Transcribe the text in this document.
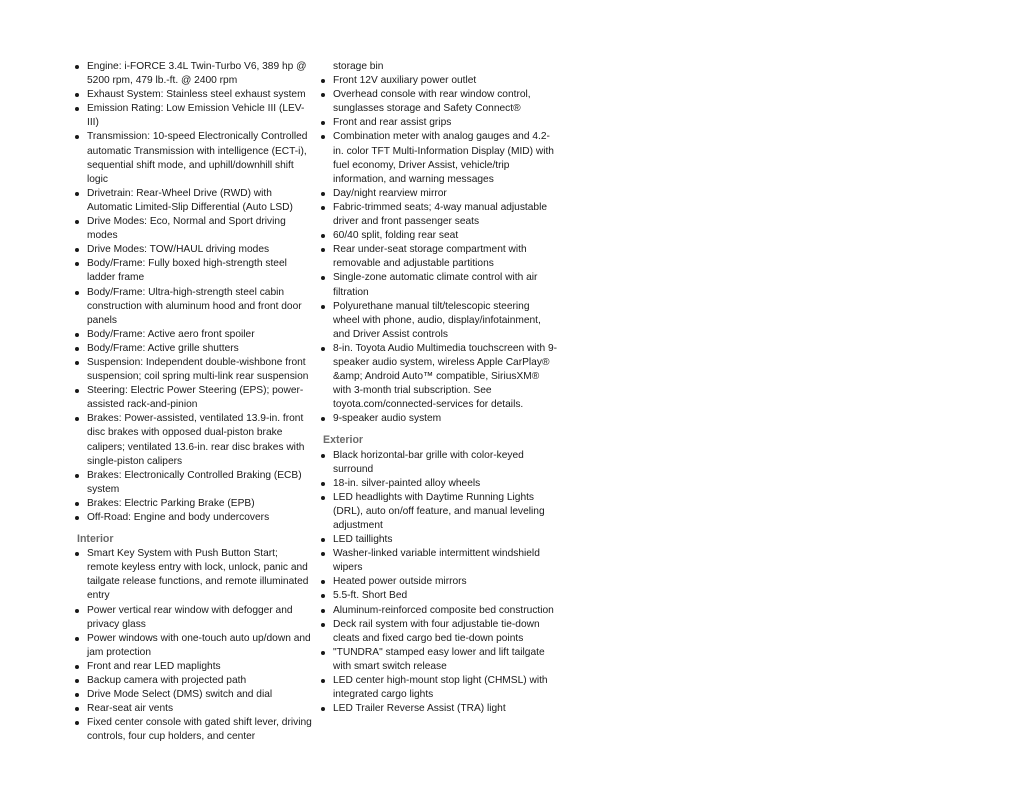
Engine: i-FORCE 3.4L Twin-Turbo V6, 389 hp @ 5200 rpm, 479 lb.-ft. @ 2400 rpm
Exhaust System: Stainless steel exhaust system
Emission Rating: Low Emission Vehicle III (LEV-III)
Transmission: 10-speed Electronically Controlled automatic Transmission with intelligence (ECT-i), sequential shift mode, and uphill/downhill shift logic
Drivetrain: Rear-Wheel Drive (RWD) with Automatic Limited-Slip Differential (Auto LSD)
Drive Modes: Eco, Normal and Sport driving modes
Drive Modes: TOW/HAUL driving modes
Body/Frame: Fully boxed high-strength steel ladder frame
Body/Frame: Ultra-high-strength steel cabin construction with aluminum hood and front door panels
Body/Frame: Active aero front spoiler
Body/Frame: Active grille shutters
Suspension: Independent double-wishbone front suspension; coil spring multi-link rear suspension
Steering: Electric Power Steering (EPS); power-assisted rack-and-pinion
Brakes: Power-assisted, ventilated 13.9-in. front disc brakes with opposed dual-piston brake calipers; ventilated 13.6-in. rear disc brakes with single-piston calipers
Brakes: Electronically Controlled Braking (ECB) system
Brakes: Electric Parking Brake (EPB)
Off-Road: Engine and body undercovers
Interior
Smart Key System with Push Button Start; remote keyless entry with lock, unlock, panic and tailgate release functions, and remote illuminated entry
Power vertical rear window with defogger and privacy glass
Power windows with one-touch auto up/down and jam protection
Front and rear LED maplights
Backup camera with projected path
Drive Mode Select (DMS) switch and dial
Rear-seat air vents
Fixed center console with gated shift lever, driving controls, four cup holders, and center
storage bin
Front 12V auxiliary power outlet
Overhead console with rear window control, sunglasses storage and Safety Connect®
Front and rear assist grips
Combination meter with analog gauges and 4.2-in. color TFT Multi-Information Display (MID) with fuel economy, Driver Assist, vehicle/trip information, and warning messages
Day/night rearview mirror
Fabric-trimmed seats; 4-way manual adjustable driver and front passenger seats
60/40 split, folding rear seat
Rear under-seat storage compartment with removable and adjustable partitions
Single-zone automatic climate control with air filtration
Polyurethane manual tilt/telescopic steering wheel with phone, audio, display/infotainment, and Driver Assist controls
8-in. Toyota Audio Multimedia touchscreen with 9-speaker audio system, wireless Apple CarPlay® &amp; Android Auto™ compatible, SiriusXM® with 3-month trial subscription. See toyota.com/connected-services for details.
9-speaker audio system
Exterior
Black horizontal-bar grille with color-keyed surround
18-in. silver-painted alloy wheels
LED headlights with Daytime Running Lights (DRL), auto on/off feature, and manual leveling adjustment
LED taillights
Washer-linked variable intermittent windshield wipers
Heated power outside mirrors
5.5-ft. Short Bed
Aluminum-reinforced composite bed construction
Deck rail system with four adjustable tie-down cleats and fixed cargo bed tie-down points
"TUNDRA" stamped easy lower and lift tailgate with smart switch release
LED center high-mount stop light (CHMSL) with integrated cargo lights
LED Trailer Reverse Assist (TRA) light
